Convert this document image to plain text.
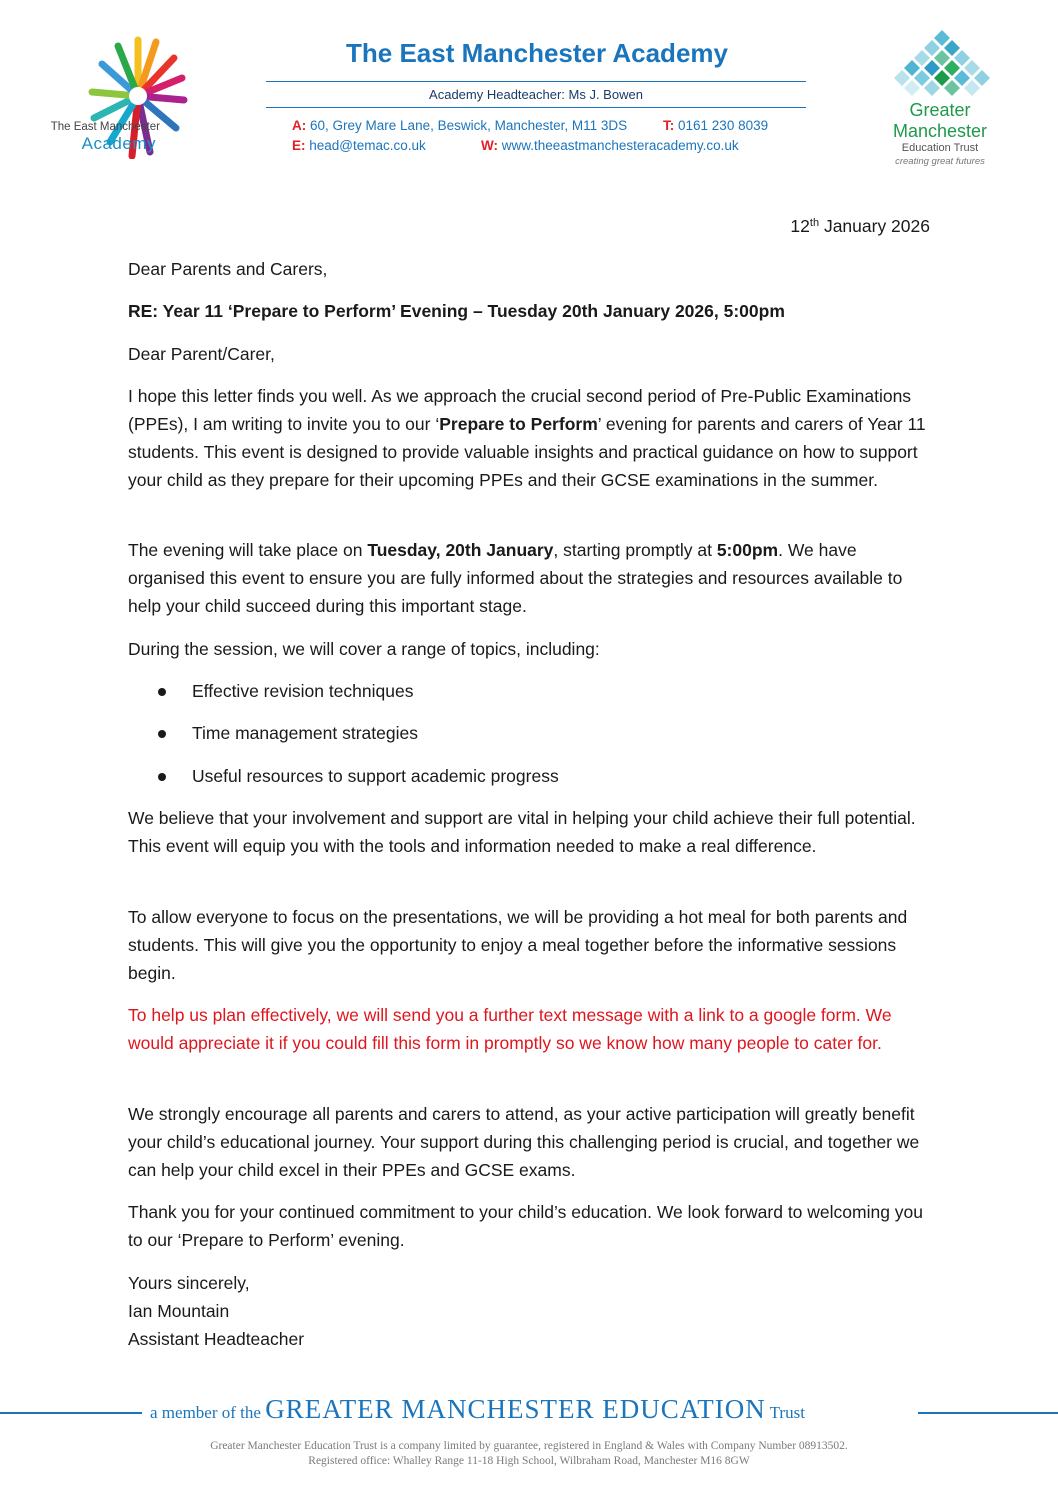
The East Manchester
Academy
The East Manchester Academy
Academy Headteacher: Ms J. Bowen
A: 60, Grey Mare Lane, Beswick, Manchester, M11 3DS	T: 0161 230 8039
E: head@temac.co.uk	W: www.theeastmanchesteracademy.co.uk
Greater
Manchester
Education Trust
creating great futures
12th January 2026
Dear Parents and Carers,
RE: Year 11 ‘Prepare to Perform’ Evening – Tuesday 20th January 2026, 5:00pm
Dear Parent/Carer,
I hope this letter finds you well. As we approach the crucial second period of Pre-Public Examinations (PPEs), I am writing to invite you to our ‘Prepare to Perform’ evening for parents and carers of Year 11 students. This event is designed to provide valuable insights and practical guidance on how to support your child as they prepare for their upcoming PPEs and their GCSE examinations in the summer.
The evening will take place on Tuesday, 20th January, starting promptly at 5:00pm. We have organised this event to ensure you are fully informed about the strategies and resources available to help your child succeed during this important stage.
During the session, we will cover a range of topics, including:
Effective revision techniques
Time management strategies
Useful resources to support academic progress
We believe that your involvement and support are vital in helping your child achieve their full potential. This event will equip you with the tools and information needed to make a real difference.
To allow everyone to focus on the presentations, we will be providing a hot meal for both parents and students. This will give you the opportunity to enjoy a meal together before the informative sessions begin.
To help us plan effectively, we will send you a further text message with a link to a google form. We would appreciate it if you could fill this form in promptly so we know how many people to cater for.
We strongly encourage all parents and carers to attend, as your active participation will greatly benefit your child’s educational journey. Your support during this challenging period is crucial, and together we can help your child excel in their PPEs and GCSE exams.
Thank you for your continued commitment to your child’s education. We look forward to welcoming you to our ‘Prepare to Perform’ evening.
Yours sincerely,
Ian Mountain
Assistant Headteacher
a member of the GREATER MANCHESTER EDUCATION Trust
Greater Manchester Education Trust is a company limited by guarantee, registered in England & Wales with Company Number 08913502.
Registered office: Whalley Range 11-18 High School, Wilbraham Road, Manchester M16 8GW
